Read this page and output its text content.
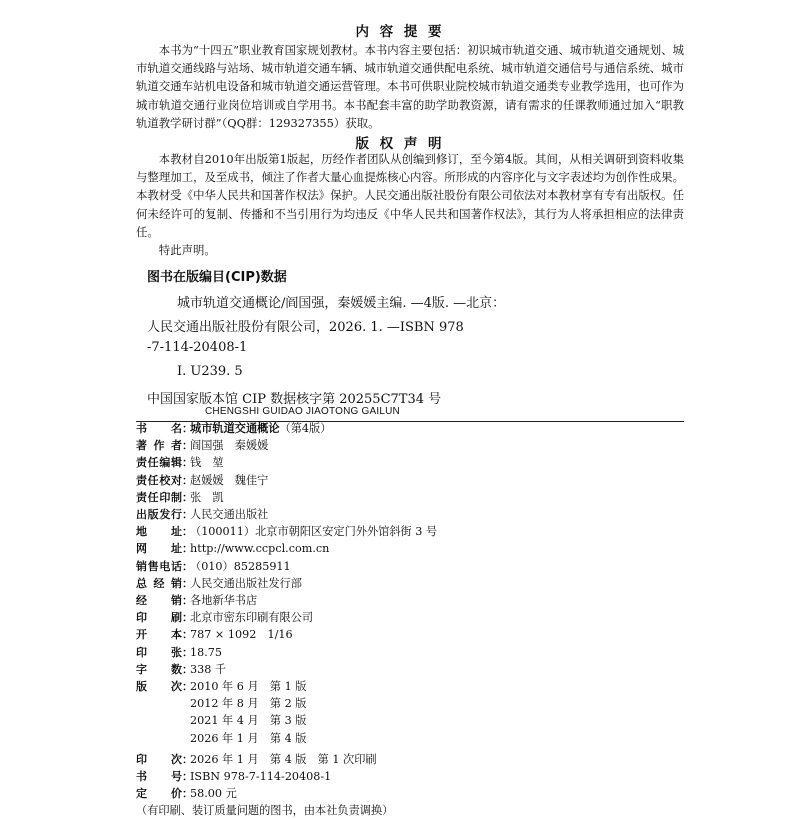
内 容 提 要

本书为“十四五”职业教育国家规划教材。本书内容主要包括：初识城市轨道交通、城市轨道交通规划、城市轨道交通线路与站场、城市轨道交通车辆、城市轨道交通供配电系统、城市轨道交通信号与通信系统、城市轨道交通车站机电设备和城市轨道交通运营管理。本书可供职业院校城市轨道交通类专业教学选用，也可作为城市轨道交通行业岗位培训或自学用书。本书配套丰富的助学助教资源，请有需求的任课教师通过加入“职教轨道教学研讨群”（QQ群：129327355）获取。

版 权 声 明

本教材自2010年出版第1版起，历经作者团队从创编到修订，至今第4版。其间，从相关调研到资料收集与整理加工，及至成书，倾注了作者大量心血提炼核心内容。所形成的内容序化与文字表述均为创作性成果。本教材受《中华人民共和国著作权法》保护。人民交通出版社股份有限公司依法对本教材享有专有出版权。任何未经许可的复制、传播和不当引用行为均违反《中华人民共和国著作权法》，其行为人将承担相应的法律责任。

特此声明。

图书在版编目(CIP)数据
城市轨道交通概论/阎国强，秦媛媛主编. —4版. —北京：
人民交通出版社股份有限公司，2026. 1. —ISBN 978
-7-114-20408-1
Ⅰ. U239. 5
中国国家版本馆 CIP 数据核字第 20255C7T34 号
CHENGSHI GUIDAO JIAOTONG GAILUN
书 名 ：
城市轨道交通概论（第4版）
著 作 者 ：
阎国强　秦媛媛
责 任 编 辑 ：
钱　堃
责 任 校 对 ：
赵媛媛　魏佳宁
责 任 印 制 ：
张　凯
出 版 发 行 ：
人民交通出版社
地 址 ：
（100011）北京市朝阳区安定门外外馆斜街 3 号
网 址 ：
http://www.ccpcl.com.cn
销 售 电 话 ：
（010）85285911
总 经 销 ：
人民交通出版社发行部
经 销 ：
各地新华书店
印 刷 ：
北京市密东印刷有限公司
开 本 ：
787 × 1092　1/16
印 张 ：
18.75
字 数 ：
338 千
版 次 ：
2010 年 6 月　第 1 版
2012 年 8 月　第 2 版
2021 年 4 月　第 3 版
2026 年 1 月　第 4 版
印 次 ：
2026 年 1 月　第 4 版　第 1 次印刷
书 号 ：
ISBN 978-7-114-20408-1
定 价 ：
58.00 元
（有印刷、装订质量问题的图书，由本社负责调换）
